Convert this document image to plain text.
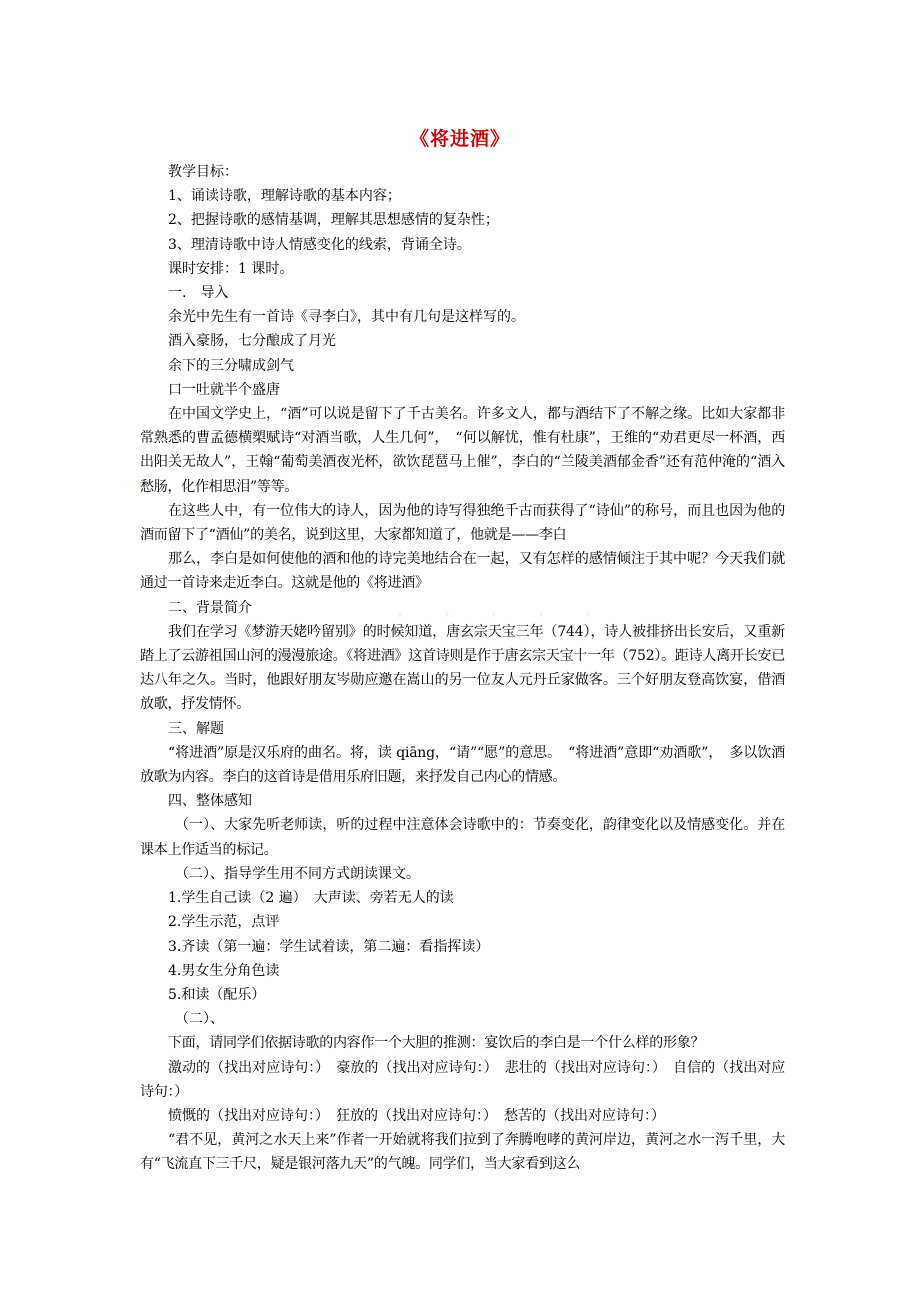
《将进酒》
· · · · ·

教学目标：

1、诵读诗歌，理解诗歌的基本内容；

2、把握诗歌的感情基调，理解其思想感情的复杂性；

3、理清诗歌中诗人情感变化的线索，背诵全诗。

课时安排：1 课时。

一.　导入

余光中先生有一首诗《寻李白》，其中有几句是这样写的。

酒入豪肠，七分酿成了月光

余下的三分啸成剑气

口一吐就半个盛唐

在中国文学史上，“酒”可以说是留下了千古美名。许多文人，都与酒结下了不解之缘。比如大家都非常熟悉的曹孟德横槊赋诗“对酒当歌，人生几何”，　“何以解忧，惟有杜康”，王维的“劝君更尽一杯酒，西出阳关无故人”，王翰“葡萄美酒夜光杯，欲饮琵琶马上催”，李白的“兰陵美酒郁金香”还有范仲淹的“酒入愁肠，化作相思泪”等等。

在这些人中，有一位伟大的诗人，因为他的诗写得独绝千古而获得了“诗仙”的称号，而且也因为他的酒而留下了“酒仙”的美名，说到这里，大家都知道了，他就是——李白

那么，李白是如何使他的酒和他的诗完美地结合在一起，又有怎样的感情倾注于其中呢？今天我们就通过一首诗来走近李白。这就是他的《将进酒》

二、背景简介

我们在学习《梦游天姥吟留别》的时候知道，唐玄宗天宝三年（744），诗人被排挤出长安后，又重新踏上了云游祖国山河的漫漫旅途。《将进酒》这首诗则是作于唐玄宗天宝十一年（752）。距诗人离开长安已达八年之久。当时，他跟好朋友岑勋应邀在嵩山的另一位友人元丹丘家做客。三个好朋友登高饮宴，借酒放歌，抒发情怀。

三、解题

“将进酒”原是汉乐府的曲名。将，读 qiāng，“请”“愿”的意思。　“将进酒”意即“劝酒歌”，　多以饮酒放歌为内容。李白的这首诗是借用乐府旧题，来抒发自己内心的情感。

四、整体感知

（一）、大家先听老师读，听的过程中注意体会诗歌中的：节奏变化，韵律变化以及情感变化。并在课本上作适当的标记。

（二）、指导学生用不同方式朗读课文。

1.学生自己读（2 遍）　大声读、旁若无人的读

2.学生示范，点评

3.齐读（第一遍：学生试着读，第二遍：看指挥读）

4.男女生分角色读

5.和读（配乐）

（二）、

下面，请同学们依据诗歌的内容作一个大胆的推测：宴饮后的李白是一个什么样的形象？

激动的（找出对应诗句：）　豪放的（找出对应诗句：）　悲壮的（找出对应诗句：）　自信的（找出对应诗句：）

愤慨的（找出对应诗句：）　狂放的（找出对应诗句：）　愁苦的（找出对应诗句：）

“君不见，黄河之水天上来”作者一开始就将我们拉到了奔腾咆哮的黄河岸边，黄河之水一泻千里，大有“飞流直下三千尺，疑是银河落九天”的气魄。同学们，当大家看到这么
